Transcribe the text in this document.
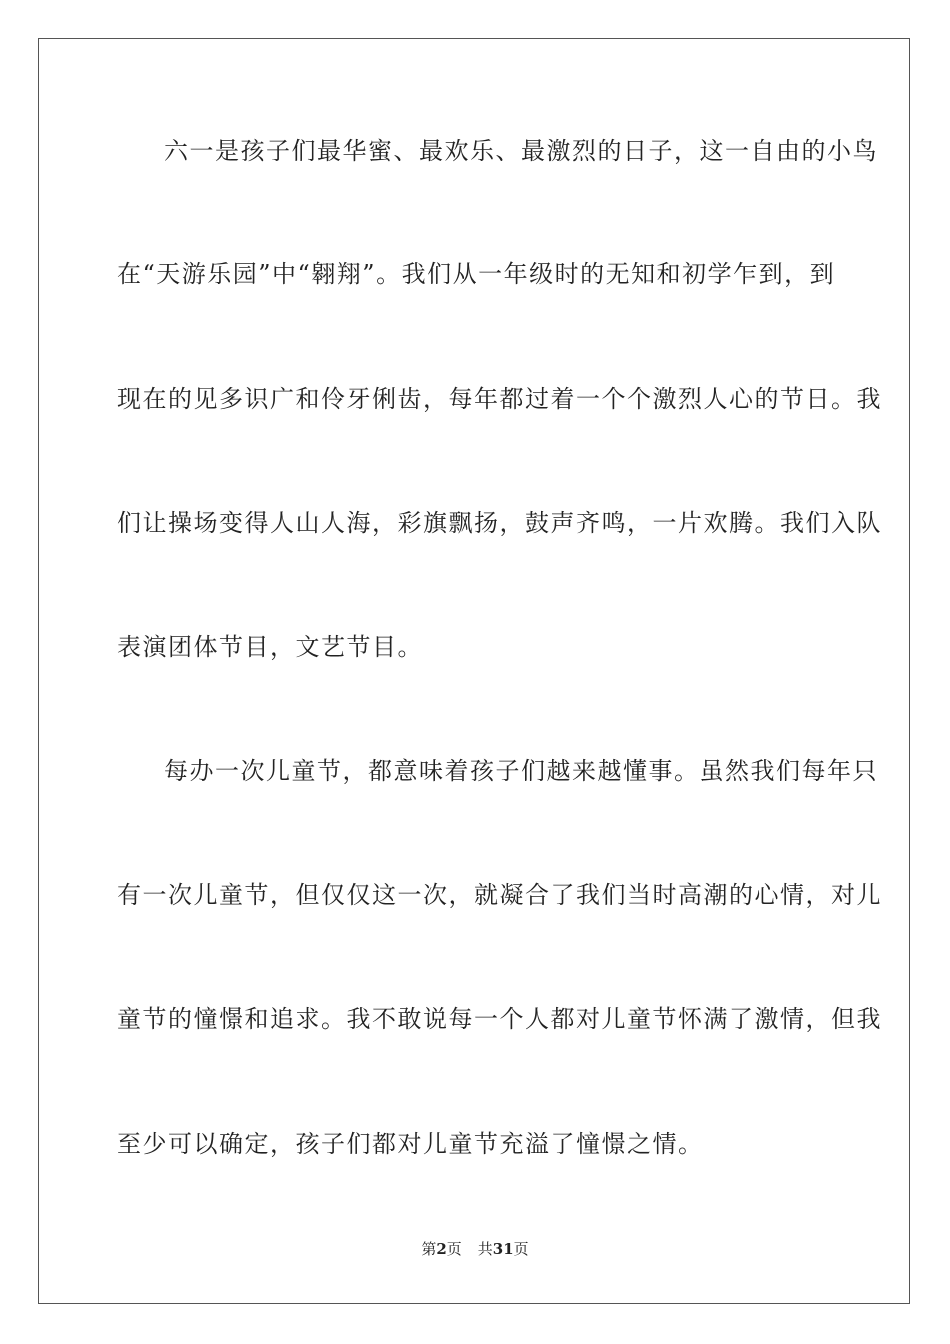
六一是孩子们最华蜜、最欢乐、最激烈的日子，这一自由的小鸟
在“天游乐园”中“翱翔”。我们从一年级时的无知和初学乍到，到
现在的见多识广和伶牙俐齿，每年都过着一个个激烈人心的节日。我
们让操场变得人山人海，彩旗飘扬，鼓声齐鸣，一片欢腾。我们入队
表演团体节目，文艺节目。
每办一次儿童节，都意味着孩子们越来越懂事。虽然我们每年只
有一次儿童节，但仅仅这一次，就凝合了我们当时高潮的心情，对儿
童节的憧憬和追求。我不敢说每一个人都对儿童节怀满了激情，但我
至少可以确定，孩子们都对儿童节充溢了憧憬之情。
第2页 共31页
